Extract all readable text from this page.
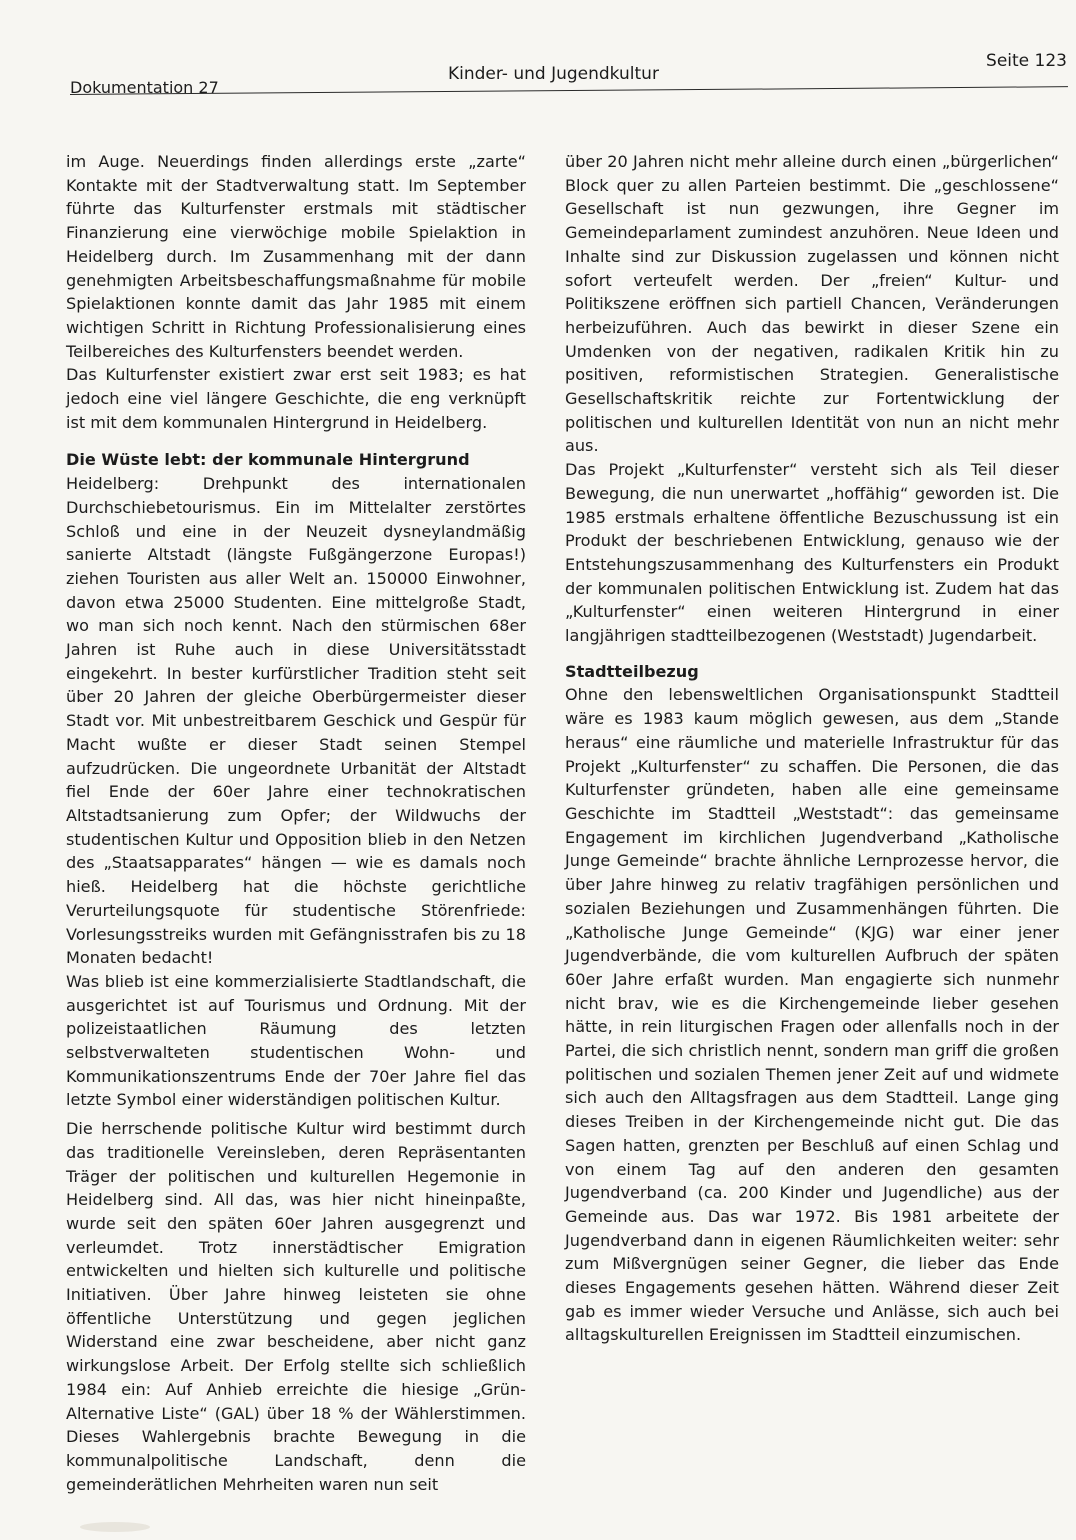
Dokumentation 27
Kinder- und Jugendkultur
Seite 123

im Auge. Neuerdings finden allerdings erste „zarte“ Kontakte mit der Stadtverwaltung statt. Im September führte das Kulturfenster erstmals mit städtischer Finanzierung eine vierwöchige mobile Spielaktion in Heidelberg durch. Im Zusammenhang mit der dann genehmigten Arbeitsbeschaffungsmaßnahme für mobile Spielaktionen konnte damit das Jahr 1985 mit einem wichtigen Schritt in Richtung Professionalisierung eines Teilbereiches des Kulturfensters beendet werden.

Das Kulturfenster existiert zwar erst seit 1983; es hat jedoch eine viel längere Geschichte, die eng verknüpft ist mit dem kommunalen Hintergrund in Heidelberg.

Die Wüste lebt: der kommunale Hintergrund

Heidelberg: Drehpunkt des internationalen Durchschiebetourismus. Ein im Mittelalter zerstörtes Schloß und eine in der Neuzeit dysneylandmäßig sanierte Altstadt (längste Fußgängerzone Europas!) ziehen Touristen aus aller Welt an. 150000 Einwohner, davon etwa 25000 Studenten. Eine mittelgroße Stadt, wo man sich noch kennt. Nach den stürmischen 68er Jahren ist Ruhe auch in diese Universitätsstadt eingekehrt. In bester kurfürstlicher Tradition steht seit über 20 Jahren der gleiche Oberbürgermeister dieser Stadt vor. Mit unbestreitbarem Geschick und Gespür für Macht wußte er dieser Stadt seinen Stempel aufzudrücken. Die ungeordnete Urbanität der Altstadt fiel Ende der 60er Jahre einer technokratischen Altstadtsanierung zum Opfer; der Wildwuchs der studentischen Kultur und Opposition blieb in den Netzen des „Staatsapparates“ hängen — wie es damals noch hieß. Heidelberg hat die höchste gerichtliche Verurteilungsquote für studentische Störenfriede: Vorlesungsstreiks wurden mit Gefängnisstrafen bis zu 18 Monaten bedacht!

Was blieb ist eine kommerzialisierte Stadtlandschaft, die ausgerichtet ist auf Tourismus und Ordnung. Mit der polizeistaatlichen Räumung des letzten selbstverwalteten studentischen Wohn- und Kommunikationszentrums Ende der 70er Jahre fiel das letzte Symbol einer widerständigen politischen Kultur.

Die herrschende politische Kultur wird bestimmt durch das traditionelle Vereinsleben, deren Repräsentanten Träger der politischen und kulturellen Hegemonie in Heidelberg sind. All das, was hier nicht hineinpaßte, wurde seit den späten 60er Jahren ausgegrenzt und verleumdet. Trotz innerstädtischer Emigration entwickelten und hielten sich kulturelle und politische Initiativen. Über Jahre hinweg leisteten sie ohne öffentliche Unterstützung und gegen jeglichen Widerstand eine zwar bescheidene, aber nicht ganz wirkungslose Arbeit. Der Erfolg stellte sich schließlich 1984 ein: Auf Anhieb erreichte die hiesige „Grün-Alternative Liste“ (GAL) über 18 % der Wählerstimmen. Dieses Wahlergebnis brachte Bewegung in die kommunalpolitische Landschaft, denn die gemeinderätlichen Mehrheiten waren nun seit

über 20 Jahren nicht mehr alleine durch einen „bürgerlichen“ Block quer zu allen Parteien bestimmt. Die „geschlossene“ Gesellschaft ist nun gezwungen, ihre Gegner im Gemeindeparlament zumindest anzuhören. Neue Ideen und Inhalte sind zur Diskussion zugelassen und können nicht sofort verteufelt werden. Der „freien“ Kultur- und Politikszene eröffnen sich partiell Chancen, Veränderungen herbeizuführen. Auch das bewirkt in dieser Szene ein Umdenken von der negativen, radikalen Kritik hin zu positiven, reformistischen Strategien. Generalistische Gesellschaftskritik reichte zur Fortentwicklung der politischen und kulturellen Identität von nun an nicht mehr aus.

Das Projekt „Kulturfenster“ versteht sich als Teil dieser Bewegung, die nun unerwartet „hoffähig“ geworden ist. Die 1985 erstmals erhaltene öffentliche Bezuschussung ist ein Produkt der beschriebenen Entwicklung, genauso wie der Entstehungszusammenhang des Kulturfensters ein Produkt der kommunalen politischen Entwicklung ist. Zudem hat das „Kulturfenster“ einen weiteren Hintergrund in einer langjährigen stadtteilbezogenen (Weststadt) Jugendarbeit.

Stadtteilbezug

Ohne den lebensweltlichen Organisationspunkt Stadtteil wäre es 1983 kaum möglich gewesen, aus dem „Stande heraus“ eine räumliche und materielle Infrastruktur für das Projekt „Kulturfenster“ zu schaffen. Die Personen, die das Kulturfenster gründeten, haben alle eine gemeinsame Geschichte im Stadtteil „Weststadt“: das gemeinsame Engagement im kirchlichen Jugendverband „Katholische Junge Gemeinde“ brachte ähnliche Lernprozesse hervor, die über Jahre hinweg zu relativ tragfähigen persönlichen und sozialen Beziehungen und Zusammenhängen führten. Die „Katholische Junge Gemeinde“ (KJG) war einer jener Jugendverbände, die vom kulturellen Aufbruch der späten 60er Jahre erfaßt wurden. Man engagierte sich nunmehr nicht brav, wie es die Kirchengemeinde lieber gesehen hätte, in rein liturgischen Fragen oder allenfalls noch in der Partei, die sich christlich nennt, sondern man griff die großen politischen und sozialen Themen jener Zeit auf und widmete sich auch den Alltagsfragen aus dem Stadtteil. Lange ging dieses Treiben in der Kirchengemeinde nicht gut. Die das Sagen hatten, grenzten per Beschluß auf einen Schlag und von einem Tag auf den anderen den gesamten Jugendverband (ca. 200 Kinder und Jugendliche) aus der Gemeinde aus. Das war 1972. Bis 1981 arbeitete der Jugendverband dann in eigenen Räumlichkeiten weiter: sehr zum Mißvergnügen seiner Gegner, die lieber das Ende dieses Engagements gesehen hätten. Während dieser Zeit gab es immer wieder Versuche und Anlässe, sich auch bei alltagskulturellen Ereignissen im Stadtteil einzumischen.
